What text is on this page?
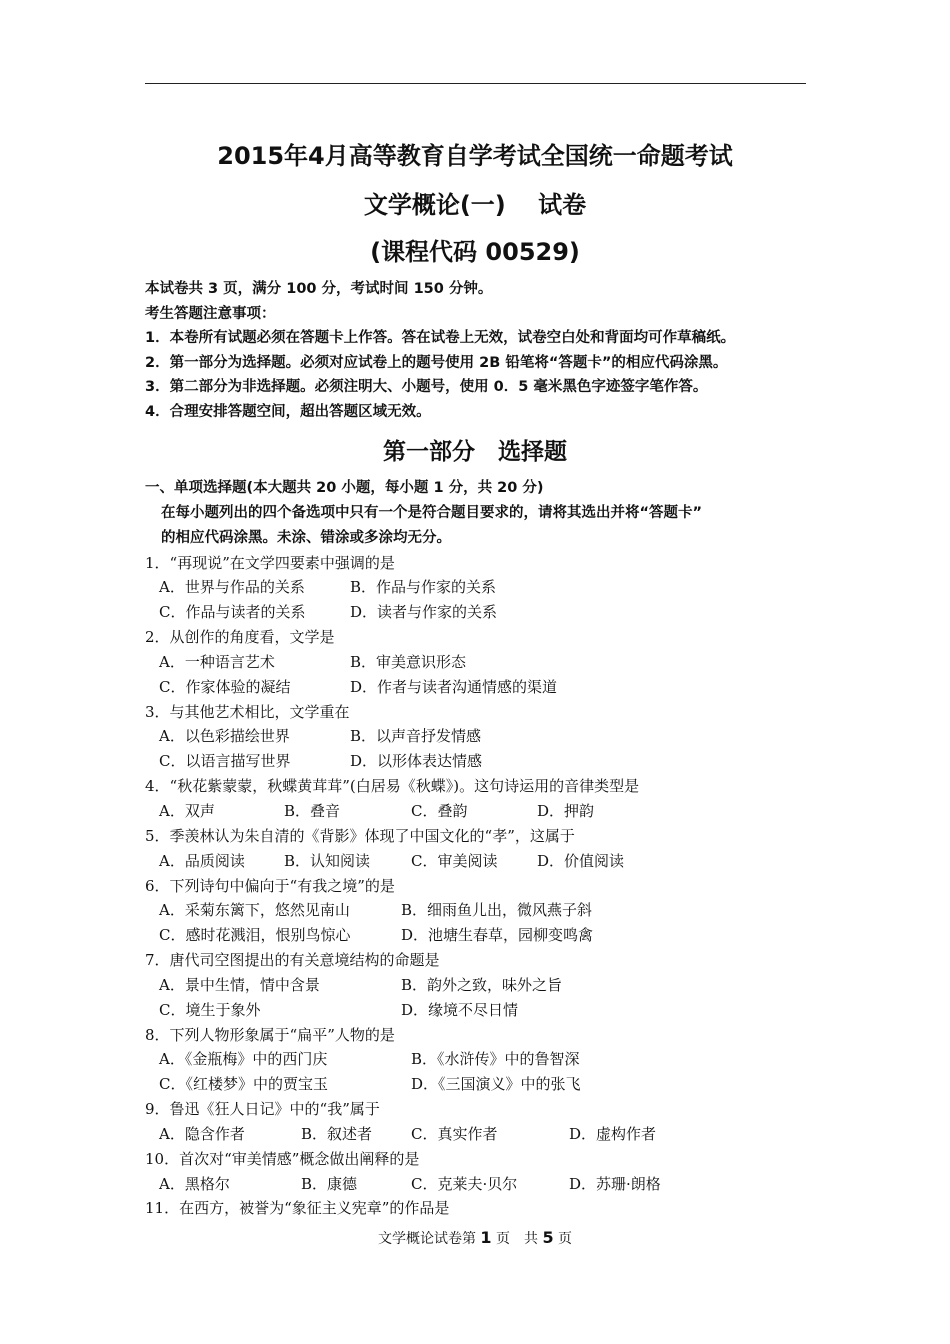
2015年4月高等教育自学考试全国统一命题考试
文学概论(一)　 试卷
(课程代码 00529)
本试卷共 3 页，满分 100 分，考试时间 150 分钟。
考生答题注意事项：
1．本卷所有试题必须在答题卡上作答。答在试卷上无效，试卷空白处和背面均可作草稿纸。
2．第一部分为选择题。必须对应试卷上的题号使用 2B 铅笔将“答题卡”的相应代码涂黑。
3．第二部分为非选择题。必须注明大、小题号，使用 0．5 毫米黑色字迹签字笔作答。
4．合理安排答题空间，超出答题区域无效。
第一部分　选择题
一、单项选择题(本大题共 20 小题，每小题 1 分，共 20 分)
在每小题列出的四个备选项中只有一个是符合题目要求的，请将其选出并将“答题卡”
的相应代码涂黑。未涂、错涂或多涂均无分。
1．“再现说”在文学四要素中强调的是
A．世界与作品的关系	B．作品与作家的关系
C．作品与读者的关系	D．读者与作家的关系
2．从创作的角度看，文学是
A．一种语言艺术	B．审美意识形态
C．作家体验的凝结	D．作者与读者沟通情感的渠道
3．与其他艺术相比，文学重在
A．以色彩描绘世界	B．以声音抒发情感
C．以语言描写世界	D．以形体表达情感
4．“秋花紫蒙蒙，秋蝶黄茸茸”(白居易《秋蝶》)。这句诗运用的音律类型是
A．双声	B．叠音	C．叠韵	D．押韵
5．季羡林认为朱自清的《背影》体现了中国文化的“孝”，这属于
A．品质阅读	B．认知阅读	C．审美阅读	D．价值阅读
6．下列诗句中偏向于“有我之境”的是
A．采菊东篱下，悠然见南山	B．细雨鱼儿出，微风燕子斜
C．感时花溅泪，恨别鸟惊心	D．池塘生春草，园柳变鸣禽
7．唐代司空图提出的有关意境结构的命题是
A．景中生情，情中含景	B．韵外之致，味外之旨
C．境生于象外	D．缘境不尽日情
8．下列人物形象属于“扁平”人物的是
A．《金瓶梅》中的西门庆	B．《水浒传》中的鲁智深
C．《红楼梦》中的贾宝玉	D．《三国演义》中的张飞
9．鲁迅《狂人日记》中的“我”属于
A．隐含作者	B．叙述者	C．真实作者	D．虚构作者
10．首次对“审美情感”概念做出阐释的是
A．黑格尔	B．康德	C．克莱夫·贝尔	D．苏珊·朗格
11．在西方，被誉为“象征主义宪章”的作品是
文学概论试卷第 1 页　共 5 页
